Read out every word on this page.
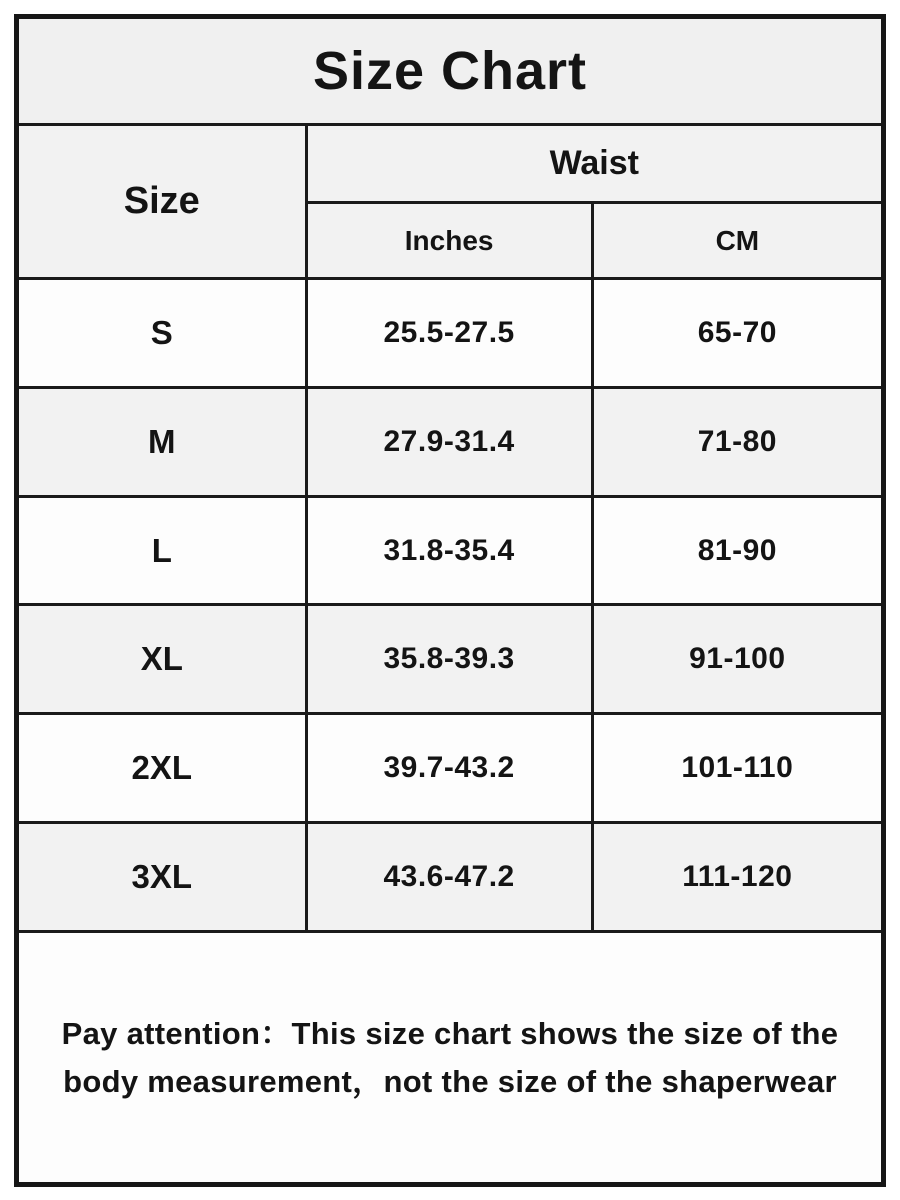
Size Chart		
Size	Waist	
	Inches	CM
S	25.5-27.5	65-70
M	27.9-31.4	71-80
L	31.8-35.4	81-90
XL	35.8-39.3	91-100
2XL	39.7-43.2	101-110
3XL	43.6-47.2	111-120

Pay attention：This size chart shows the size of the
body measurement，not the size of the shaperwear		
